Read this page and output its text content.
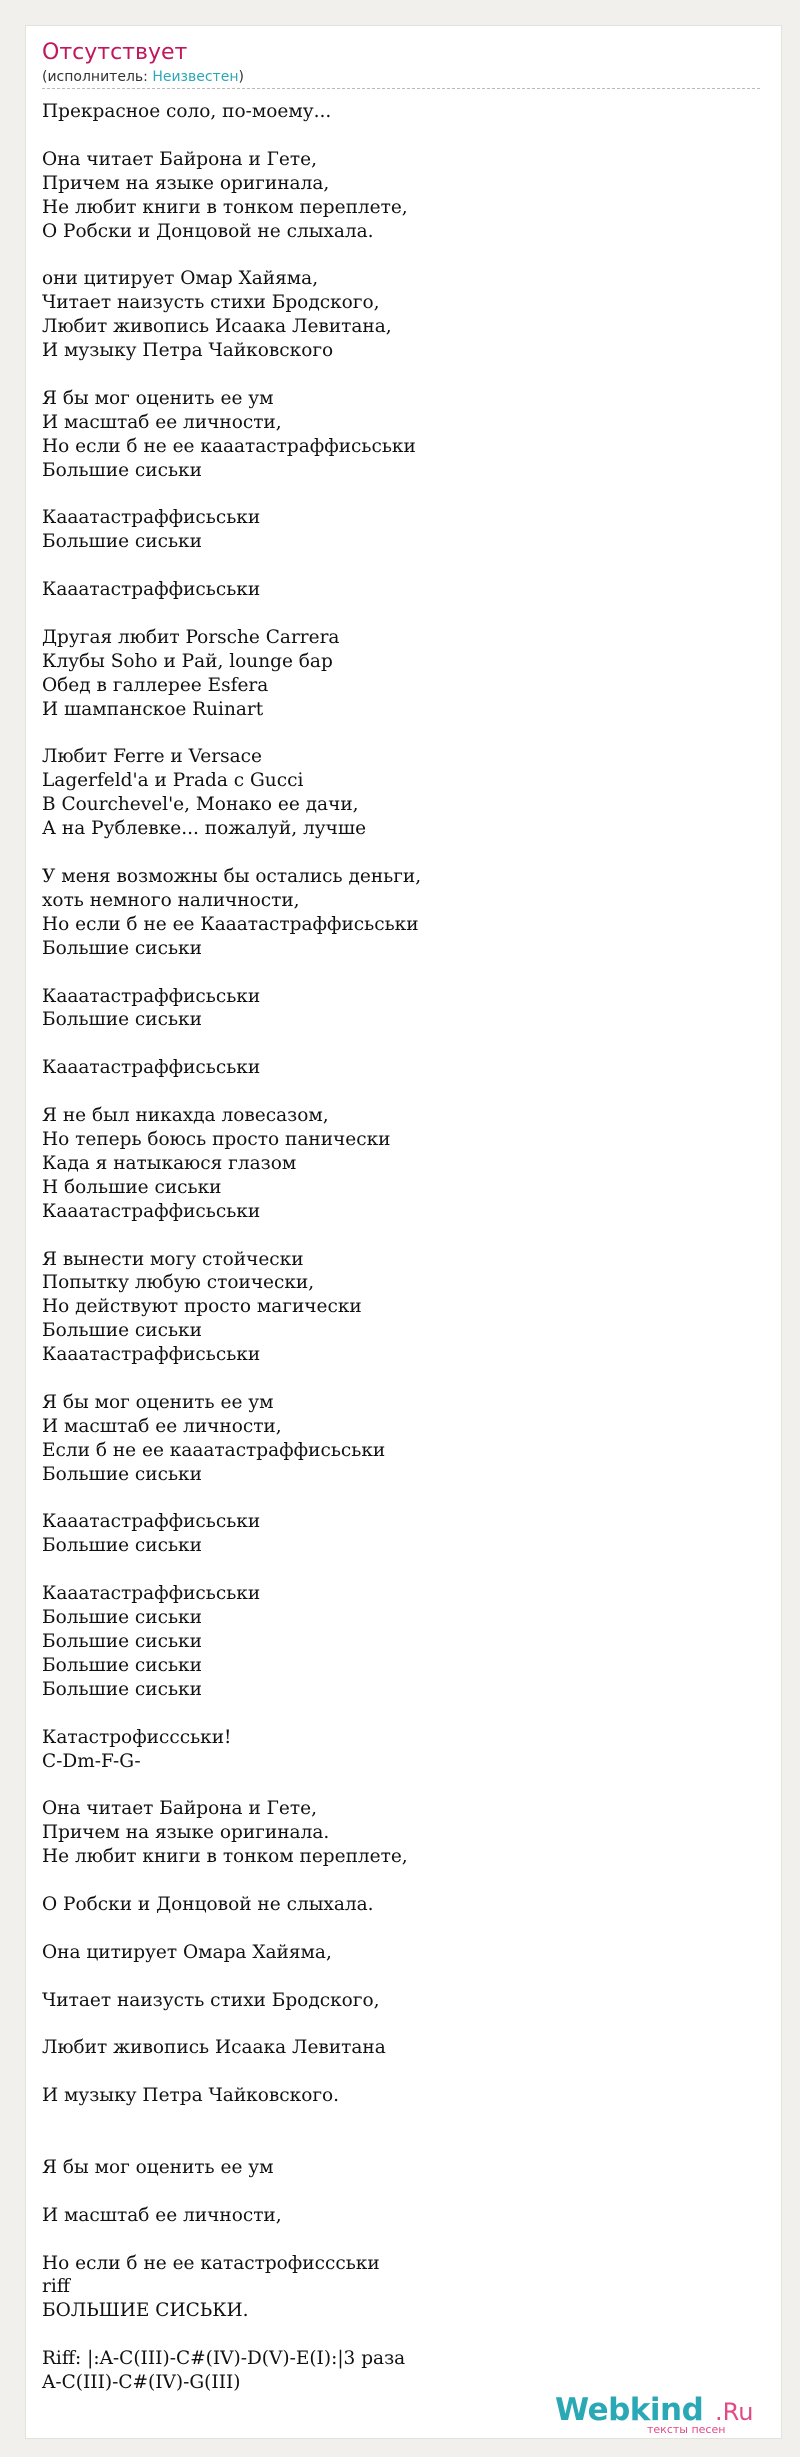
Отсутствует
(исполнитель: Неизвестен)
Прекрасное соло, по-моему...

Она читает Байрона и Гете,
Причем на языке оригинала,
Не любит книги в тонком переплете,
О Робски и Донцовой не слыхала.

они цитирует Омар Хайяма,
Читает наизусть стихи Бродского,
Любит живопись Исаака Левитана,
И музыку Петра Чайковского

Я бы мог оценить ее ум
И масштаб ее личности,
Но если б не ее кааатастраффисьськи
Большие сиськи

Кааатастраффисьськи
Большие сиськи

Кааатастраффисьськи

Другая любит Porsche Carrera
Клубы Soho и Рай, lounge бар
Обед в галлерее Esfera
И шампанское Ruinart

Любит Ferre и Versace
Lagerfeld'a и Prada с Gucci
В Courchevel'e, Монако ее дачи,
А на Рублевке... пожалуй, лучше

У меня возможны бы остались деньги,
хоть немного наличности,
Но если б не ее Кааатастраффисьськи
Большие сиськи

Кааатастраффисьськи
Большие сиськи

Кааатастраффисьськи

Я не был никахда ловесазом,
Но теперь боюсь просто панически
Када я натыкаюся глазом
Н большие сиськи
Кааатастраффисьськи

Я вынести могу стойчески
Попытку любую стоически,
Но действуют просто магически
Большие сиськи
Кааатастраффисьськи

Я бы мог оценить ее ум
И масштаб ее личности,
Если б не ее кааатастраффисьськи
Большие сиськи

Кааатастраффисьськи
Большие сиськи

Кааатастраффисьськи
Большие сиськи
Большие сиськи
Большие сиськи
Большие сиськи

Катастрофиссськи!
C-Dm-F-G-

Она читает Байрона и Гете,
Причем на языке оригинала.
Не любит книги в тонком переплете,

О Робски и Донцовой не слыхала.

Она цитирует Омара Хайяма,

Читает наизусть стихи Бродского,

Любит живопись Исаака Левитана

И музыку Петра Чайковского.

Я бы мог оценить ее ум

И масштаб ее личности,

Но если б не ее катастрофиссськи
riff
БОЛЬШИЕ СИСЬКИ.

Riff: |:A-C(III)-C#(IV)-D(V)-E(I):|3 раза
A-C(III)-C#(IV)-G(III)
Webkind .Ru
тексты песен
